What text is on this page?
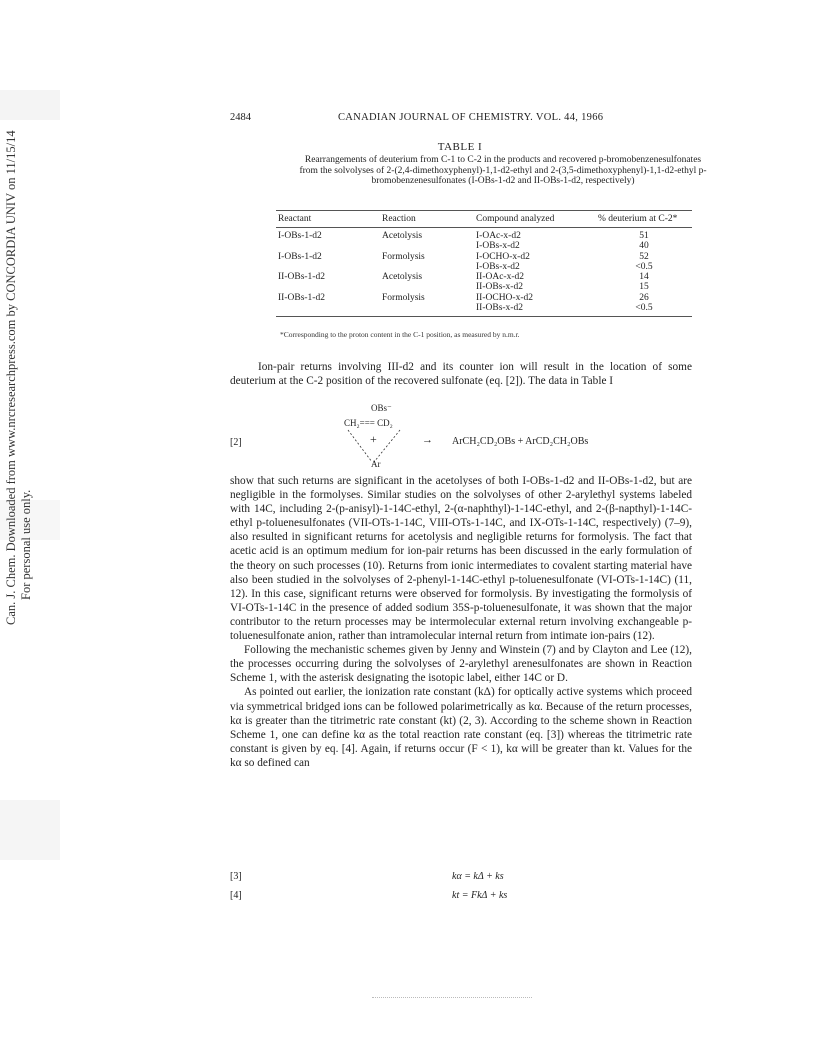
Can. J. Chem. Downloaded from www.nrcresearchpress.com by CONCORDIA UNIV on 11/15/14 For personal use only.
2484	CANADIAN JOURNAL OF CHEMISTRY. VOL. 44, 1966
TABLE I
Rearrangements of deuterium from C-1 to C-2 in the products and recovered p-bromobenzenesulfonates from the solvolyses of 2-(2,4-dimethoxyphenyl)-1,1-d2-ethyl and 2-(3,5-dimethoxyphenyl)-1,1-d2-ethyl p-bromobenzenesulfonates (I-OBs-1-d2 and II-OBs-1-d2, respectively)
Reactant	Reaction	Compound analyzed	% deuterium at C-2*
I-OBs-1-d2	Acetolysis	I-OAc-x-d2	51
		I-OBs-x-d2	40
I-OBs-1-d2	Formolysis	I-OCHO-x-d2	52
		I-OBs-x-d2	<0.5
II-OBs-1-d2	Acetolysis	II-OAc-x-d2	14
		II-OBs-x-d2	15
II-OBs-1-d2	Formolysis	II-OCHO-x-d2	26
		II-OBs-x-d2	<0.5
*Corresponding to the proton content in the C-1 position, as measured by n.m.r.
Ion-pair returns involving III-d2 and its counter ion will result in the location of some deuterium at the C-2 position of the recovered sulfonate (eq. [2]). The data in Table I
[2]
OBs⁻
CH₂=== CD₂
+
Ar
→ ArCH₂CD₂OBs + ArCD₂CH₂OBs
show that such returns are significant in the acetolyses of both I-OBs-1-d2 and II-OBs-1-d2, but are negligible in the formolyses. Similar studies on the solvolyses of other 2-arylethyl systems labeled with 14C, including 2-(p-anisyl)-1-14C-ethyl, 2-(α-naphthyl)-1-14C-ethyl, and 2-(β-napthyl)-1-14C-ethyl p-toluenesulfonates (VII-OTs-1-14C, VIII-OTs-1-14C, and IX-OTs-1-14C, respectively) (7–9), also resulted in significant returns for acetolysis and negligible returns for formolysis. The fact that acetic acid is an optimum medium for ion-pair returns has been discussed in the early formulation of the theory on such processes (10). Returns from ionic intermediates to covalent starting material have also been studied in the solvolyses of 2-phenyl-1-14C-ethyl p-toluenesulfonate (VI-OTs-1-14C) (11, 12). In this case, significant returns were observed for formolysis. By investigating the formolysis of VI-OTs-1-14C in the presence of added sodium 35S-p-toluenesulfonate, it was shown that the major contributor to the return processes may be intermolecular external return involving exchangeable p-toluenesulfonate anion, rather than intramolecular internal return from intimate ion-pairs (12).
Following the mechanistic schemes given by Jenny and Winstein (7) and by Clayton and Lee (12), the processes occurring during the solvolyses of 2-arylethyl arenesulfonates are shown in Reaction Scheme 1, with the asterisk designating the isotopic label, either 14C or D.
As pointed out earlier, the ionization rate constant (kΔ) for optically active systems which proceed via symmetrical bridged ions can be followed polarimetrically as kα. Because of the return processes, kα is greater than the titrimetric rate constant (kt) (2, 3). According to the scheme shown in Reaction Scheme 1, one can define kα as the total reaction rate constant (eq. [3]) whereas the titrimetric rate constant is given by eq. [4]. Again, if returns occur (F < 1), kα will be greater than kt. Values for the kα so defined can
[3]	kα = kΔ + ks
[4]	kt = FkΔ + ks
